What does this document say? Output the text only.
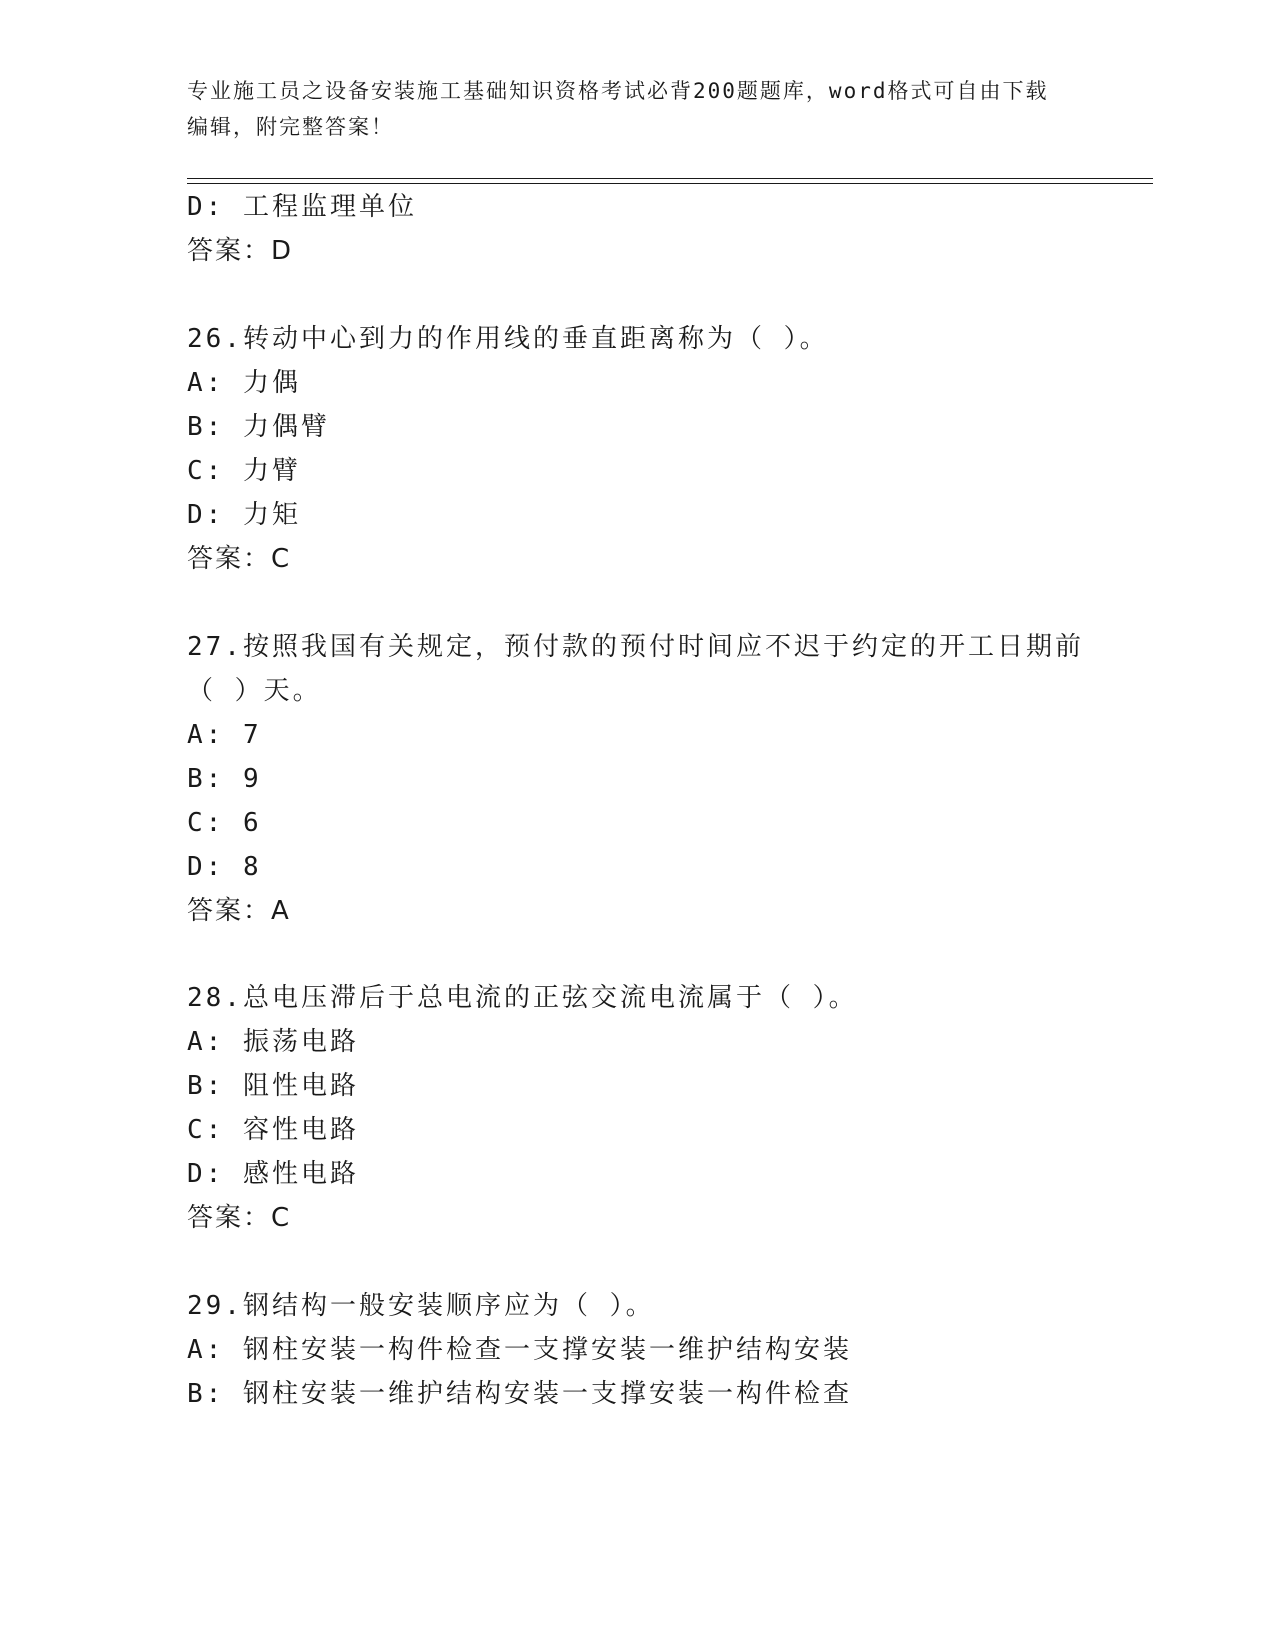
专业施工员之设备安装施工基础知识资格考试必背200题题库，word格式可自由下载编辑，附完整答案！
D: 工程监理单位
答案：D
26.转动中心到力的作用线的垂直距离称为（ ）。
A: 力偶
B: 力偶臂
C: 力臂
D: 力矩
答案：C
27.按照我国有关规定，预付款的预付时间应不迟于约定的开工日期前
（ ）天。
A: 7
B: 9
C: 6
D: 8
答案：A
28.总电压滞后于总电流的正弦交流电流属于（ ）。
A: 振荡电路
B: 阻性电路
C: 容性电路
D: 感性电路
答案：C
29.钢结构一般安装顺序应为（ ）。
A: 钢柱安装一构件检查一支撑安装一维护结构安装
B: 钢柱安装一维护结构安装一支撑安装一构件检查
